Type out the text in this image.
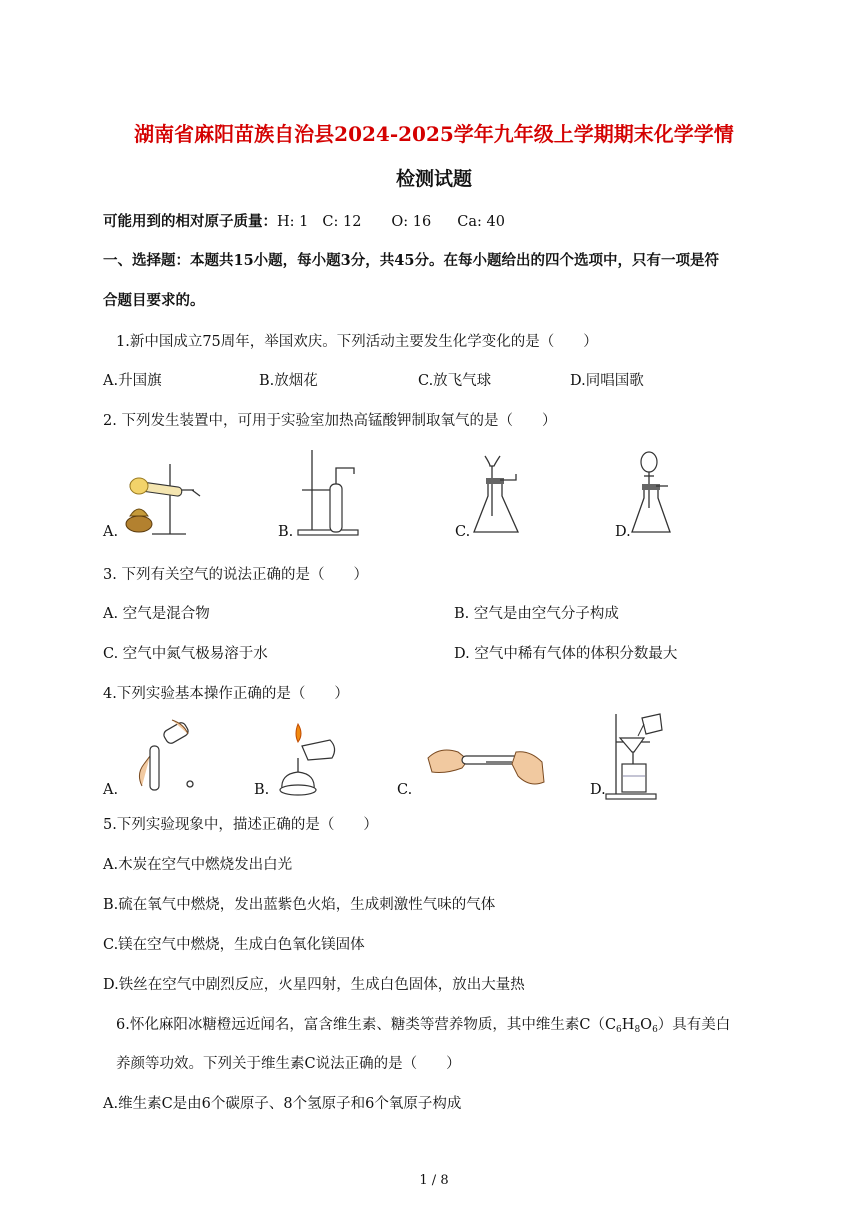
湖南省麻阳苗族自治县2024-2025学年九年级上学期期末化学学情
检测试题
可能用到的相对原子质量：H: 1 C: 12 O: 16 Ca: 40
一、选择题：本题共15小题，每小题3分，共45分。在每小题给出的四个选项中，只有一项是符
合题目要求的。
1.新中国成立75周年，举国欢庆。下列活动主要发生化学变化的是（　　）
A.升国旗	B.放烟花	C.放飞气球	D.同唱国歌
2. 下列发生装置中，可用于实验室加热高锰酸钾制取氧气的是（　　）
A.	B.	C.	D.
3. 下列有关空气的说法正确的是（　　）
A. 空气是混合物	B. 空气是由空气分子构成
C. 空气中氮气极易溶于水	D. 空气中稀有气体的体积分数最大
4.下列实验基本操作正确的是（　　）
A.	B.	C.	D.
5.下列实验现象中，描述正确的是（　　）
A.木炭在空气中燃烧发出白光
B.硫在氧气中燃烧，发出蓝紫色火焰，生成刺激性气味的气体
C.镁在空气中燃烧，生成白色氧化镁固体
D.铁丝在空气中剧烈反应，火星四射，生成白色固体，放出大量热
6.怀化麻阳冰糖橙远近闻名，富含维生素、糖类等营养物质，其中维生素$C(C_6H_8O_6)$具有美白
养颜等功效。下列关于维生素C说法正确的是（　　）
A.维生素C是由6个碳原子、8个氢原子和6个氧原子构成
1 / 8
